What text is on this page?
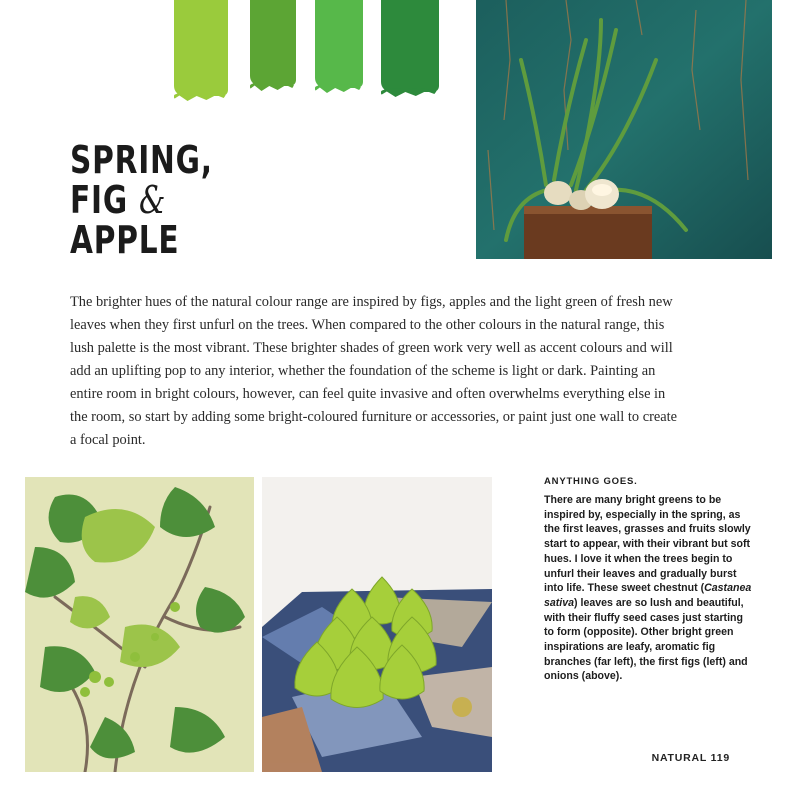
SPRING,
FIG &
APPLE
The brighter hues of the natural colour range are inspired by figs, apples and the light green of fresh new leaves when they first unfurl on the trees. When compared to the other colours in the natural range, this lush palette is the most vibrant. These brighter shades of green work very well as accent colours and will add an uplifting pop to any interior, whether the foundation of the scheme is light or dark. Painting an entire room in bright colours, however, can feel quite invasive and often overwhelms everything else in the room, so start by adding some bright-coloured furniture or accessories, or paint just one wall to create a focal point.
ANYTHING GOES.
There are many bright greens to be inspired by, especially in the spring, as the first leaves, grasses and fruits slowly start to appear, with their vibrant but soft hues. I love it when the trees begin to unfurl their leaves and gradually burst into life. These sweet chestnut (Castanea sativa) leaves are so lush and beautiful, with their fluffy seed cases just starting to form (opposite). Other bright green inspirations are leafy, aromatic fig branches (far left), the first figs (left) and onions (above).
NATURAL 119
